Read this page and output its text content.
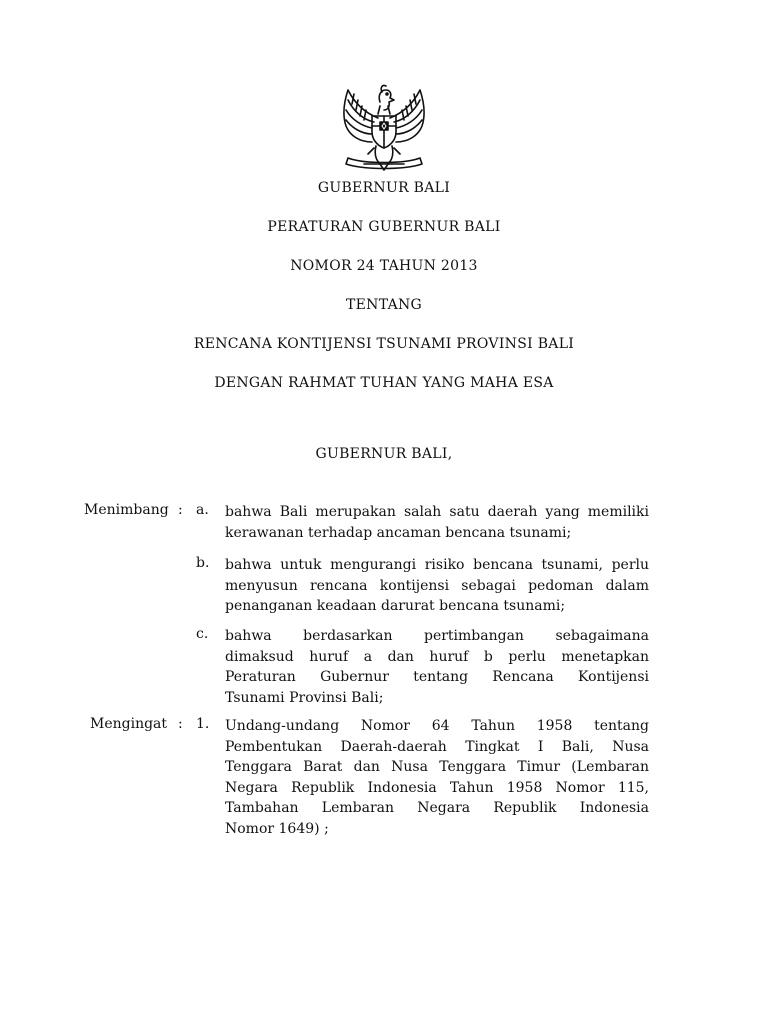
GUBERNUR BALI
PERATURAN GUBERNUR BALI
NOMOR 24 TAHUN 2013
TENTANG
RENCANA KONTIJENSI TSUNAMI PROVINSI BALI
DENGAN RAHMAT TUHAN YANG MAHA ESA
GUBERNUR BALI,
Menimbang : a. bahwa Bali merupakan salah satu daerah yang memiliki
kerawanan terhadap ancaman bencana tsunami;
b. bahwa untuk mengurangi risiko bencana tsunami, perlu
menyusun rencana kontijensi sebagai pedoman dalam
penanganan keadaan darurat bencana tsunami;
c. bahwa berdasarkan pertimbangan sebagaimana
dimaksud huruf a dan huruf b perlu menetapkan
Peraturan Gubernur tentang Rencana Kontijensi
Tsunami Provinsi Bali;
Mengingat : 1. Undang-undang Nomor 64 Tahun 1958 tentang
Pembentukan Daerah-daerah Tingkat I Bali, Nusa
Tenggara Barat dan Nusa Tenggara Timur (Lembaran
Negara Republik Indonesia Tahun 1958 Nomor 115,
Tambahan Lembaran Negara Republik Indonesia
Nomor 1649) ;
